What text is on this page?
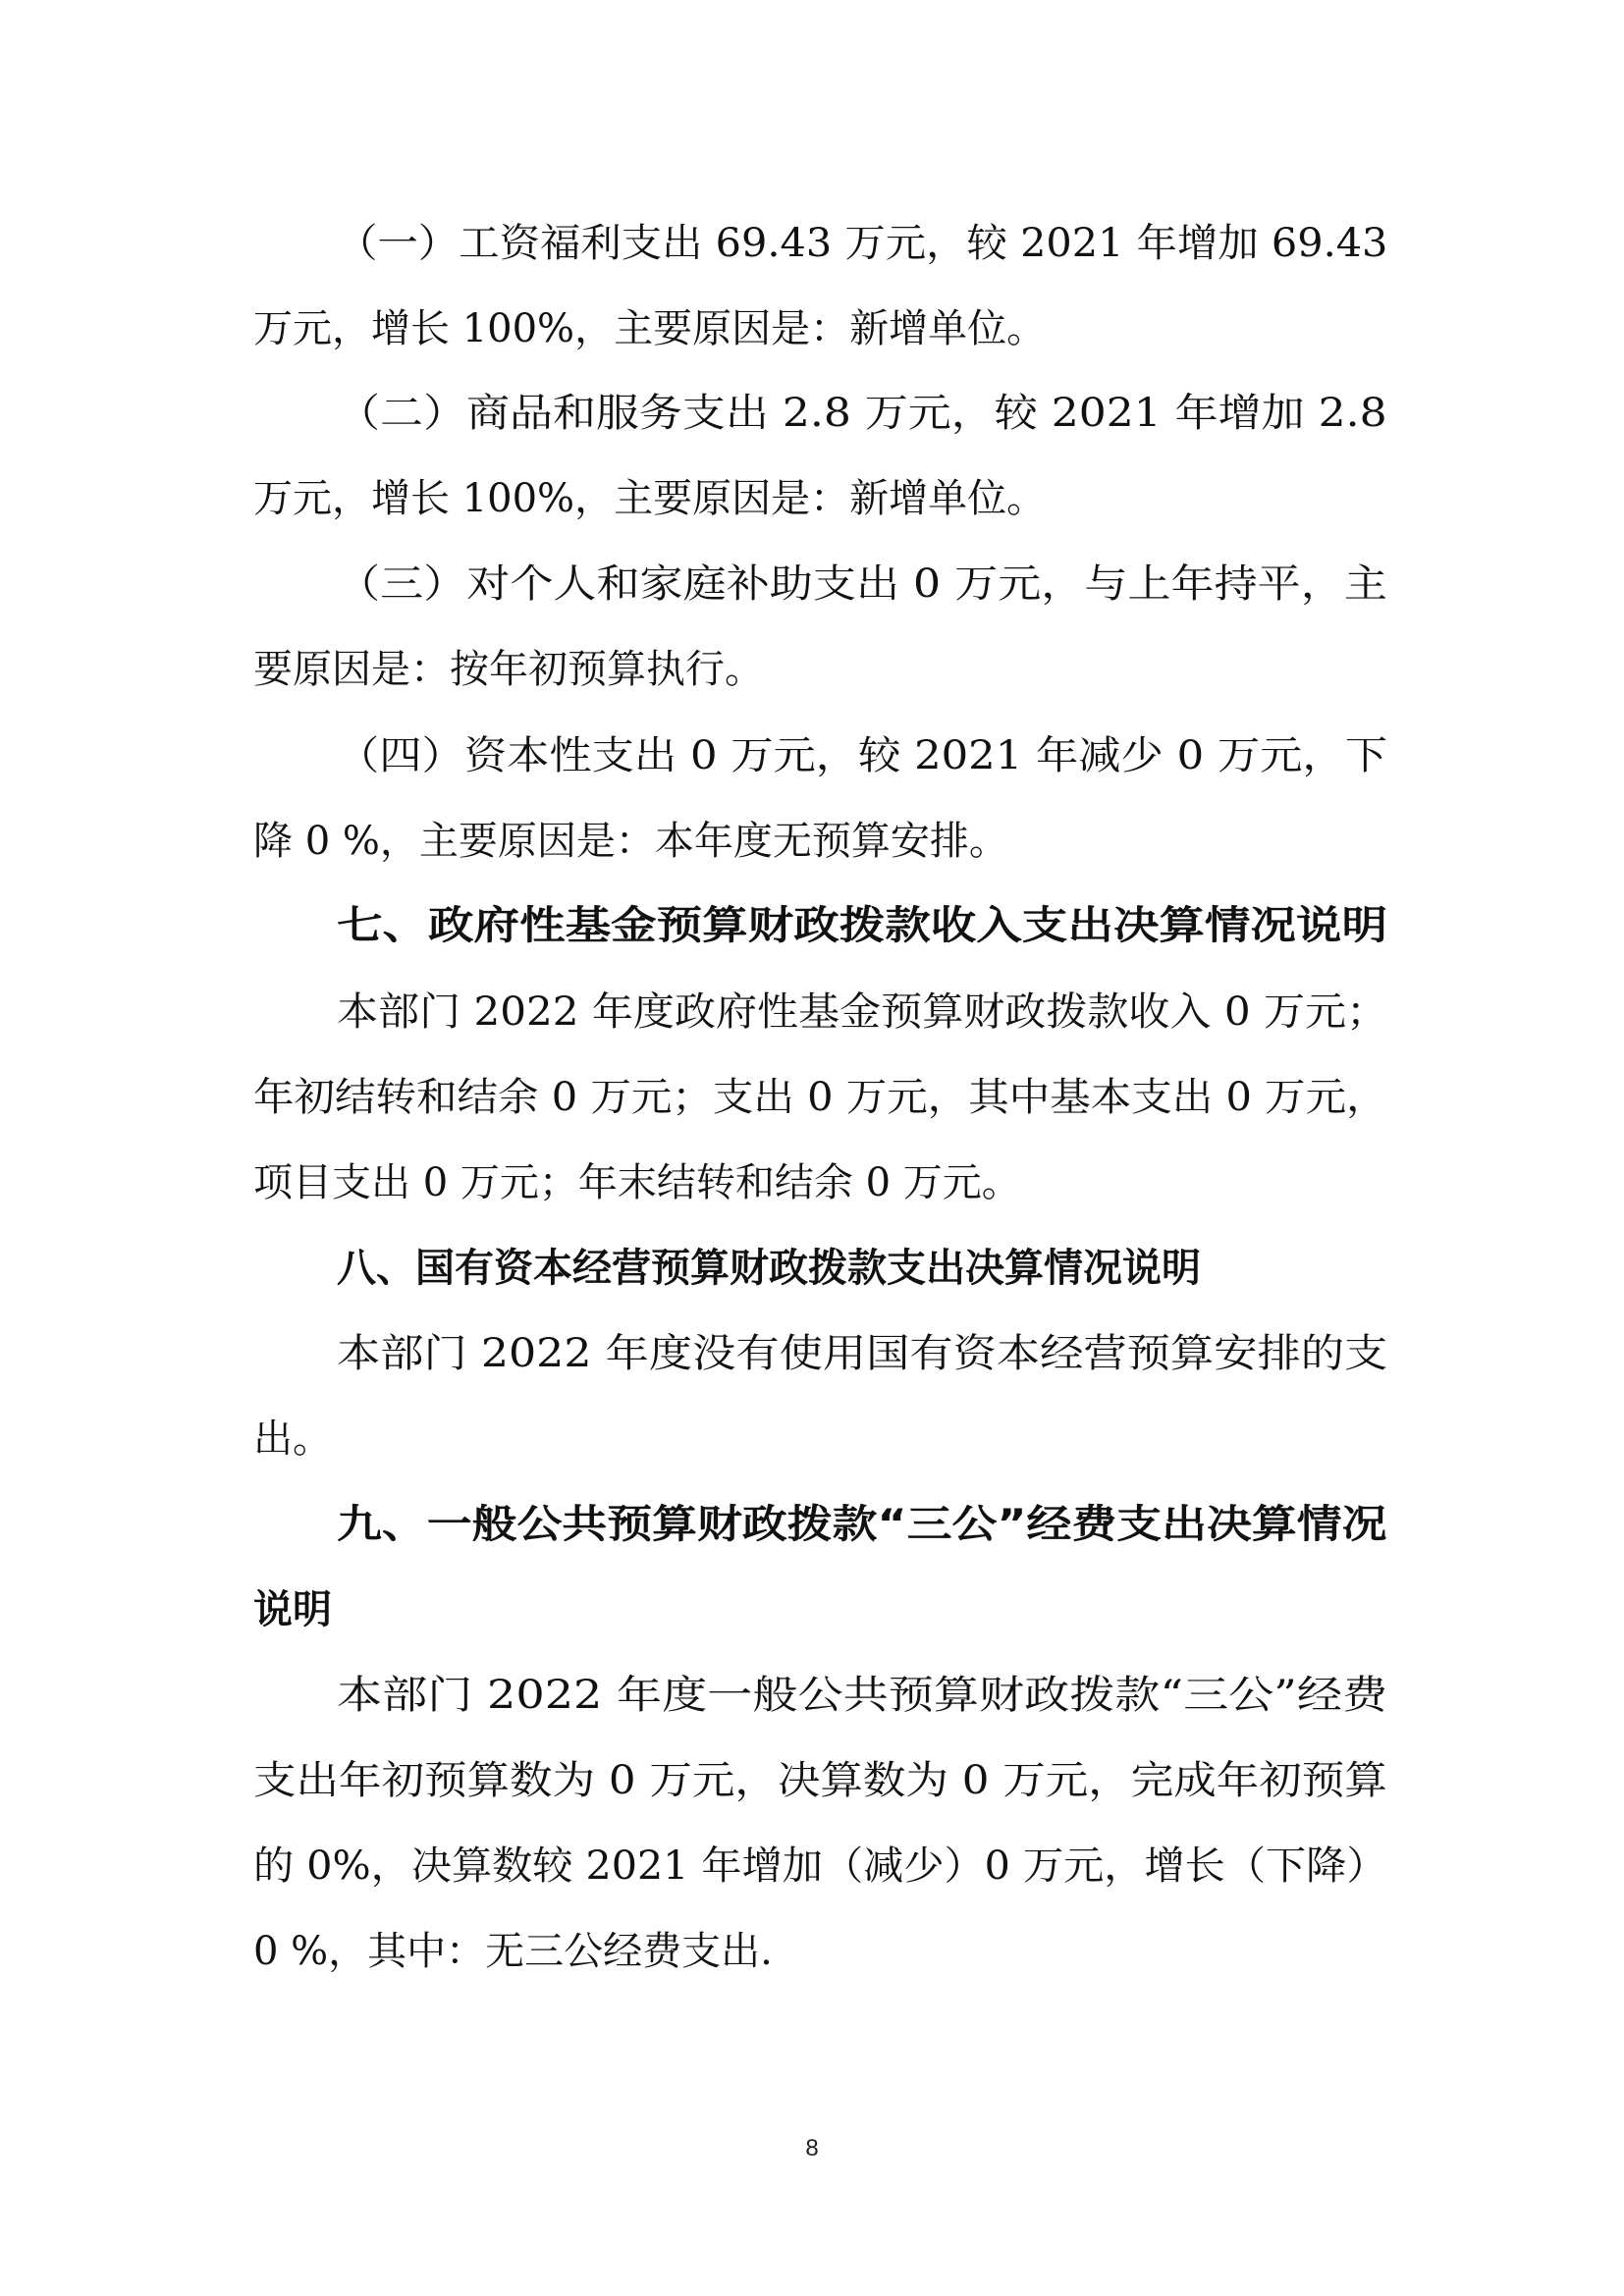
（一）工资福利支出 69.43 万元，较 2021 年增加 69.43
万元，增长 100%，主要原因是：新增单位。
（二）商品和服务支出 2.8 万元，较 2021 年增加 2.8
万元，增长 100%，主要原因是：新增单位。
（三）对个人和家庭补助支出 0 万元，与上年持平，主
要原因是：按年初预算执行。
（四）资本性支出 0 万元，较 2021 年减少 0 万元，下
降 0 %，主要原因是：本年度无预算安排。
七、政府性基金预算财政拨款收入支出决算情况说明
本部门 2022 年度政府性基金预算财政拨款收入 0 万元；
年初结转和结余 0 万元；支出 0 万元，其中基本支出 0 万元，
项目支出 0 万元；年末结转和结余 0 万元。
八、国有资本经营预算财政拨款支出决算情况说明
本部门 2022 年度没有使用国有资本经营预算安排的支
出。
九、一般公共预算财政拨款“三公”经费支出决算情况
说明
本部门 2022 年度一般公共预算财政拨款“三公”经费
支出年初预算数为 0 万元，决算数为 0 万元，完成年初预算
的 0%，决算数较 2021 年增加（减少）0 万元，增长（下降）
0 %，其中：无三公经费支出.
8
